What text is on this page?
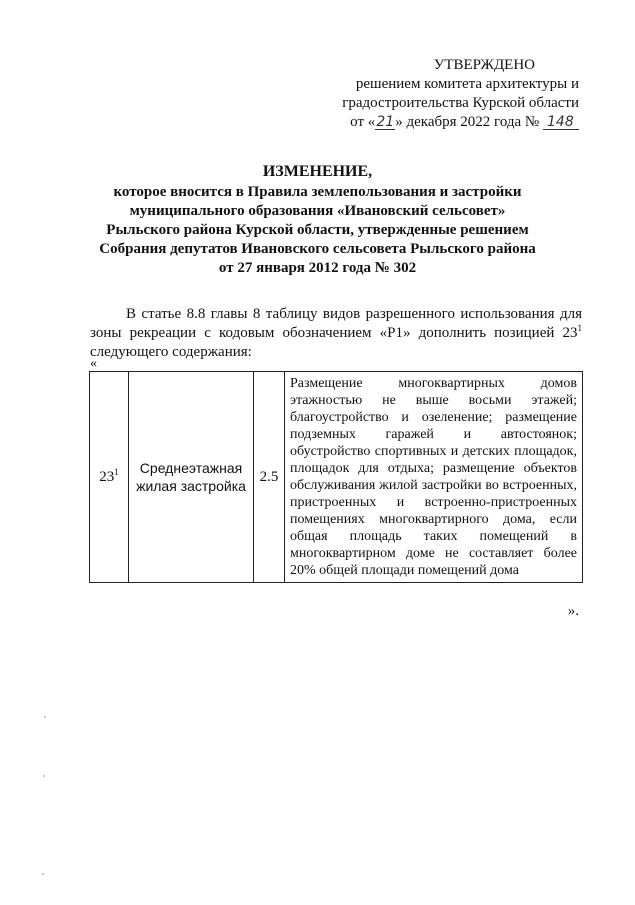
УТВЕРЖДЕНО
решением комитета архитектуры и
градостроительства Курской области
от «21» декабря 2022 года № 148
ИЗМЕНЕНИЕ,
которое вносится в Правила землепользования и застройки
муниципального образования «Ивановский сельсовет»
Рыльского района Курской области, утвержденные решением
Собрания депутатов Ивановского сельсовета Рыльского района
от 27 января 2012 года № 302
В статье 8.8 главы 8 таблицу видов разрешенного использования для зоны рекреации с кодовым обозначением «Р1» дополнить позицией $23^1$ следующего содержания:
«
$23^1$	Среднеэтажная жилая застройка	2.5	Размещение многоквартирных домов этажностью не выше восьми этажей; благоустройство и озеленение; размещение подземных гаражей и автостоянок; обустройство спортивных и детских площадок, площадок для отдыха; размещение объектов обслуживания жилой застройки во встроенных, пристроенных и встроенно-пристроенных помещениях многоквартирного дома, если общая площадь таких помещений в многоквартирном доме не составляет более 20% общей площади помещений дома
».
